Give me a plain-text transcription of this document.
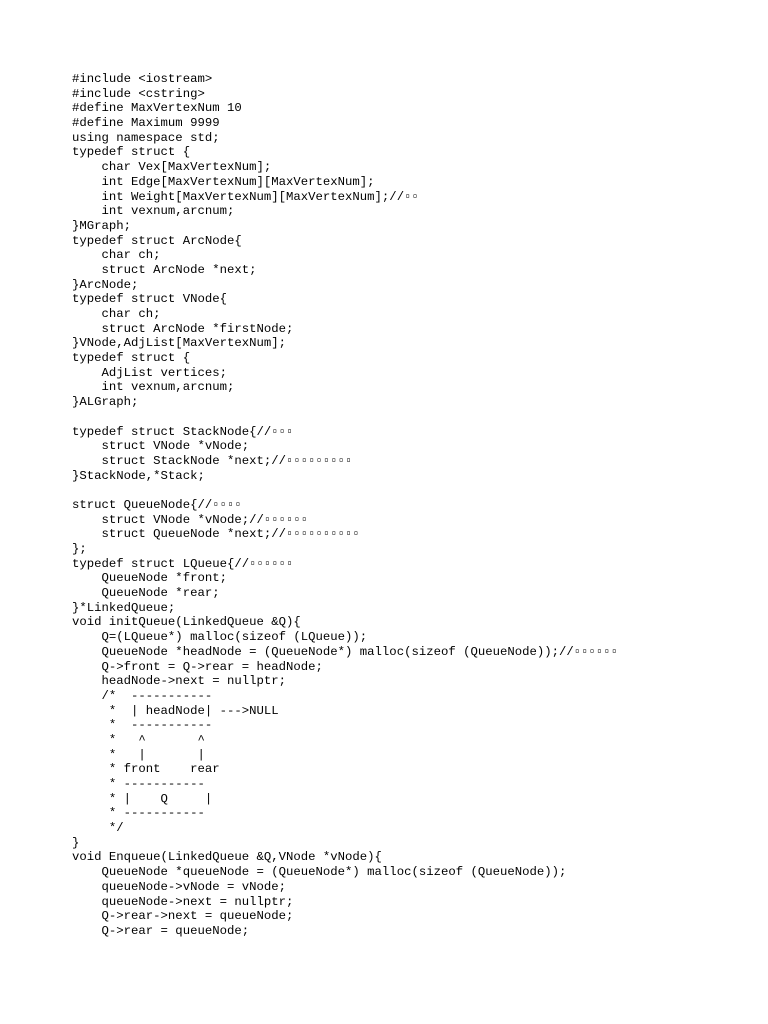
#include <iostream>
#include <cstring>
#define MaxVertexNum 10
#define Maximum 9999
using namespace std;
typedef struct {
char Vex[MaxVertexNum];
int Edge[MaxVertexNum][MaxVertexNum];
int Weight[MaxVertexNum][MaxVertexNum];//▫▫
int vexnum,arcnum;
}MGraph;
typedef struct ArcNode{
char ch;
struct ArcNode *next;
}ArcNode;
typedef struct VNode{
char ch;
struct ArcNode *firstNode;
}VNode,AdjList[MaxVertexNum];
typedef struct {
AdjList vertices;
int vexnum,arcnum;
}ALGraph;
typedef struct StackNode{//▫▫▫
struct VNode *vNode;
struct StackNode *next;//▫▫▫▫▫▫▫▫▫
}StackNode,*Stack;
struct QueueNode{//▫▫▫▫
struct VNode *vNode;//▫▫▫▫▫▫
struct QueueNode *next;//▫▫▫▫▫▫▫▫▫▫
};
typedef struct LQueue{//▫▫▫▫▫▫
QueueNode *front;
QueueNode *rear;
}*LinkedQueue;
void initQueue(LinkedQueue &Q){
Q=(LQueue*) malloc(sizeof (LQueue));
QueueNode *headNode = (QueueNode*) malloc(sizeof (QueueNode));//▫▫▫▫▫▫
Q->front = Q->rear = headNode;
headNode->next = nullptr;
/*  -----------
*  | headNode| --->NULL
*  -----------
*   ^       ^
*   |       |
* front    rear
* -----------
* |    Q     |
* -----------
*/
}
void Enqueue(LinkedQueue &Q,VNode *vNode){
QueueNode *queueNode = (QueueNode*) malloc(sizeof (QueueNode));
queueNode->vNode = vNode;
queueNode->next = nullptr;
Q->rear->next = queueNode;
Q->rear = queueNode;
